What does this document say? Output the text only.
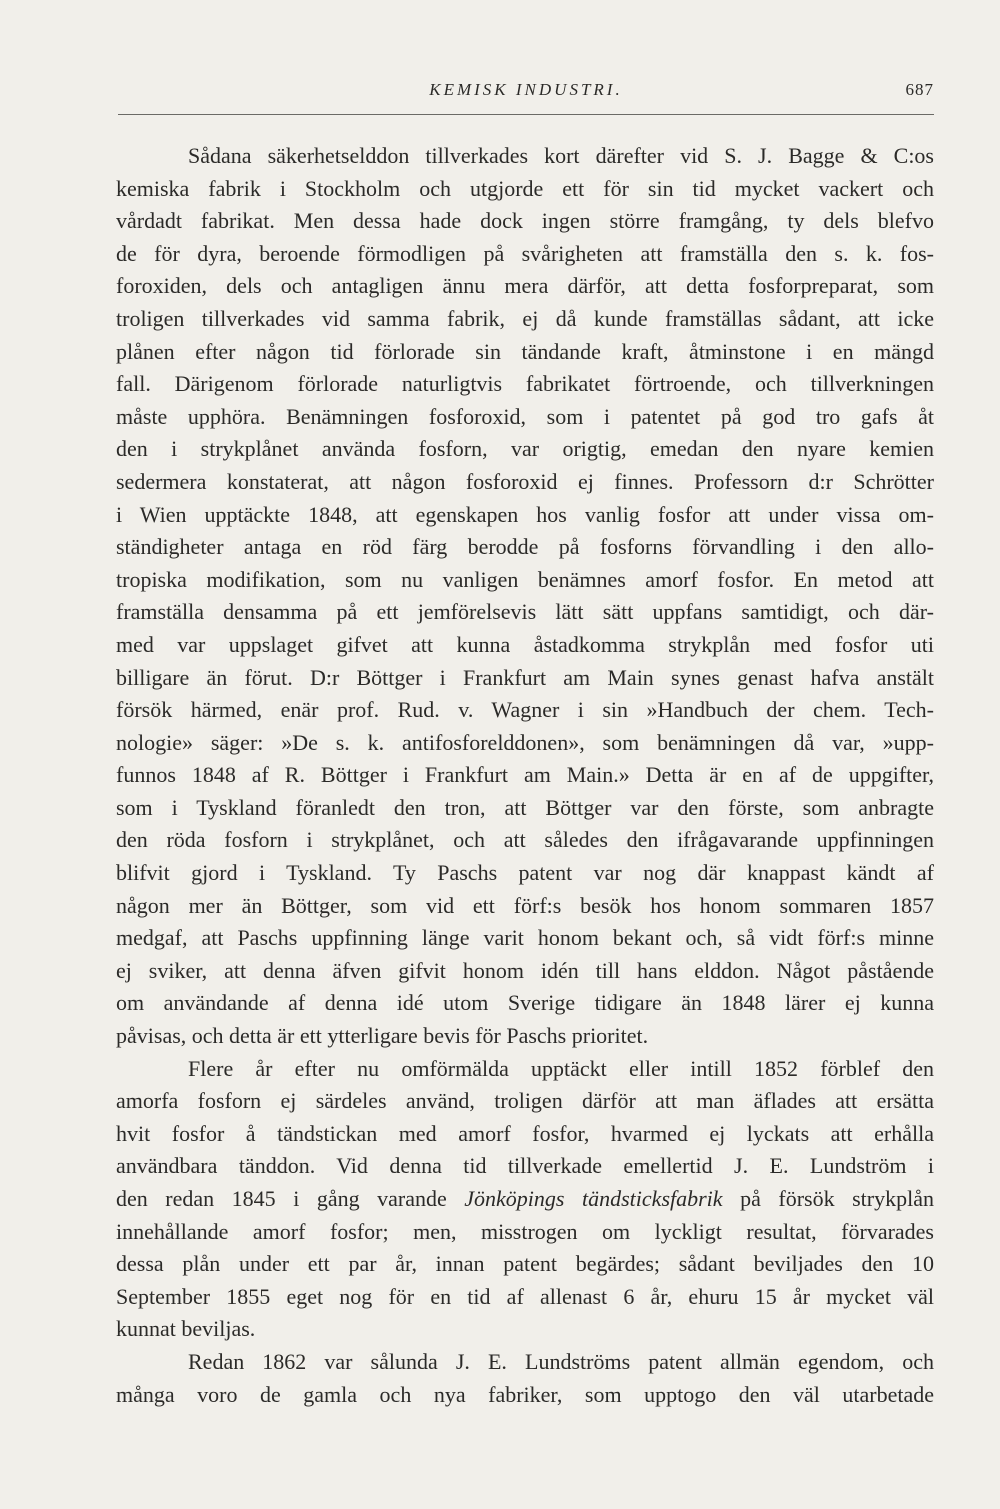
KEMISK INDUSTRI.	687
Sådana säkerhetselddon tillverkades kort därefter vid S. J. Bagge & C:os
kemiska fabrik i Stockholm och utgjorde ett för sin tid mycket vackert och
vårdadt fabrikat. Men dessa hade dock ingen större framgång, ty dels blefvo
de för dyra, beroende förmodligen på svårigheten att framställa den s. k. fos-
foroxiden, dels och antagligen ännu mera därför, att detta fosforpreparat, som
troligen tillverkades vid samma fabrik, ej då kunde framställas sådant, att icke
plånen efter någon tid förlorade sin tändande kraft, åtminstone i en mängd
fall. Därigenom förlorade naturligtvis fabrikatet förtroende, och tillverkningen
måste upphöra. Benämningen fosforoxid, som i patentet på god tro gafs åt
den i strykplånet använda fosforn, var origtig, emedan den nyare kemien
sedermera konstaterat, att någon fosforoxid ej finnes. Professorn d:r Schrötter
i Wien upptäckte 1848, att egenskapen hos vanlig fosfor att under vissa om-
ständigheter antaga en röd färg berodde på fosforns förvandling i den allo-
tropiska modifikation, som nu vanligen benämnes amorf fosfor. En metod att
framställa densamma på ett jemförelsevis lätt sätt uppfans samtidigt, och där-
med var uppslaget gifvet att kunna åstadkomma strykplån med fosfor uti
billigare än förut. D:r Böttger i Frankfurt am Main synes genast hafva anstält
försök härmed, enär prof. Rud. v. Wagner i sin »Handbuch der chem. Tech-
nologie» säger: »De s. k. antifosforelddonen», som benämningen då var, »upp-
funnos 1848 af R. Böttger i Frankfurt am Main.» Detta är en af de uppgifter,
som i Tyskland föranledt den tron, att Böttger var den förste, som anbragte
den röda fosforn i strykplånet, och att således den ifrågavarande uppfinningen
blifvit gjord i Tyskland. Ty Paschs patent var nog där knappast kändt af
någon mer än Böttger, som vid ett förf:s besök hos honom sommaren 1857
medgaf, att Paschs uppfinning länge varit honom bekant och, så vidt förf:s minne
ej sviker, att denna äfven gifvit honom idén till hans elddon. Något påstående
om användande af denna idé utom Sverige tidigare än 1848 lärer ej kunna
påvisas, och detta är ett ytterligare bevis för Paschs prioritet.
Flere år efter nu omförmälda upptäckt eller intill 1852 förblef den
amorfa fosforn ej särdeles använd, troligen därför att man äflades att ersätta
hvit fosfor å tändstickan med amorf fosfor, hvarmed ej lyckats att erhålla
användbara tänddon. Vid denna tid tillverkade emellertid J. E. Lundström i
den redan 1845 i gång varande Jönköpings tändsticksfabrik på försök strykplån
innehållande amorf fosfor; men, misstrogen om lyckligt resultat, förvarades
dessa plån under ett par år, innan patent begärdes; sådant beviljades den 10
September 1855 eget nog för en tid af allenast 6 år, ehuru 15 år mycket väl
kunnat beviljas.
Redan 1862 var sålunda J. E. Lundströms patent allmän egendom, och
många voro de gamla och nya fabriker, som upptogo den väl utarbetade
